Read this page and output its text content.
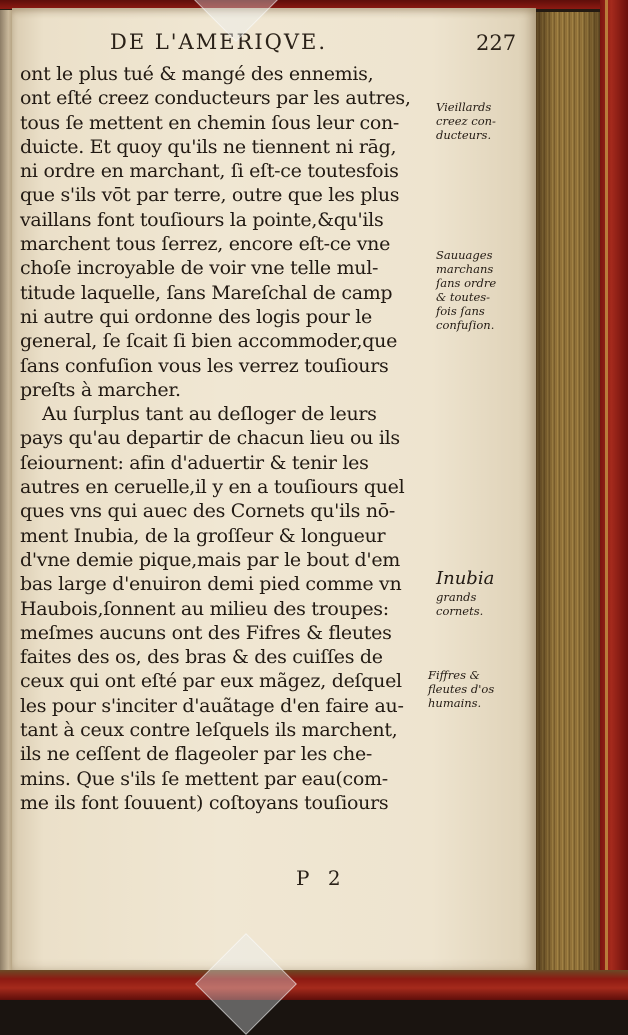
DE L'AMERIQVE.	227
ont le plus tué & mangé des ennemis,
ont eſté creez conducteurs par les autres,
tous ſe mettent en chemin ſous leur con-
duicte. Et quoy qu'ils ne tiennent ni rāg,
ni ordre en marchant, ſi eſt-ce toutesfois
que s'ils vōt par terre, outre que les plus
vaillans font touſiours la pointe,&qu'ils
marchent tous ſerrez, encore eſt-ce vne
choſe incroyable de voir vne telle mul-
titude laquelle, ſans Mareſchal de camp
ni autre qui ordonne des logis pour le
general, ſe ſcait ſi bien accommoder,que
ſans confuſion vous les verrez touſiours
preſts à marcher.
Au ſurplus tant au deſloger de leurs
pays qu'au departir de chacun lieu ou ils
ſeiournent: afin d'aduertir & tenir les
autres en ceruelle,il y en a touſiours quel
ques vns qui auec des Cornets qu'ils nō-
ment Inubia, de la groſſeur & longueur
d'vne demie pique,mais par le bout d'em
bas large d'enuiron demi pied comme vn
Haubois,ſonnent au milieu des troupes:
meſmes aucuns ont des Fifres & fleutes
faites des os, des bras & des cuiſſes de
ceux qui ont eſté par eux mãgez, deſquel
les pour s'inciter d'auãtage d'en faire au-
tant à ceux contre leſquels ils marchent,
ils ne ceſſent de flageoler par les che-
mins. Que s'ils ſe mettent par eau(com-
me ils font ſouuent) coſtoyans touſiours
Vieillards
creez con-
ducteurs.
Sauuages
marchans
ſans ordre
& toutes-
fois ſans
confuſion.
Inubia
grands
cornets.
Fiffres &
fleutes d'os
humains.
P 2
